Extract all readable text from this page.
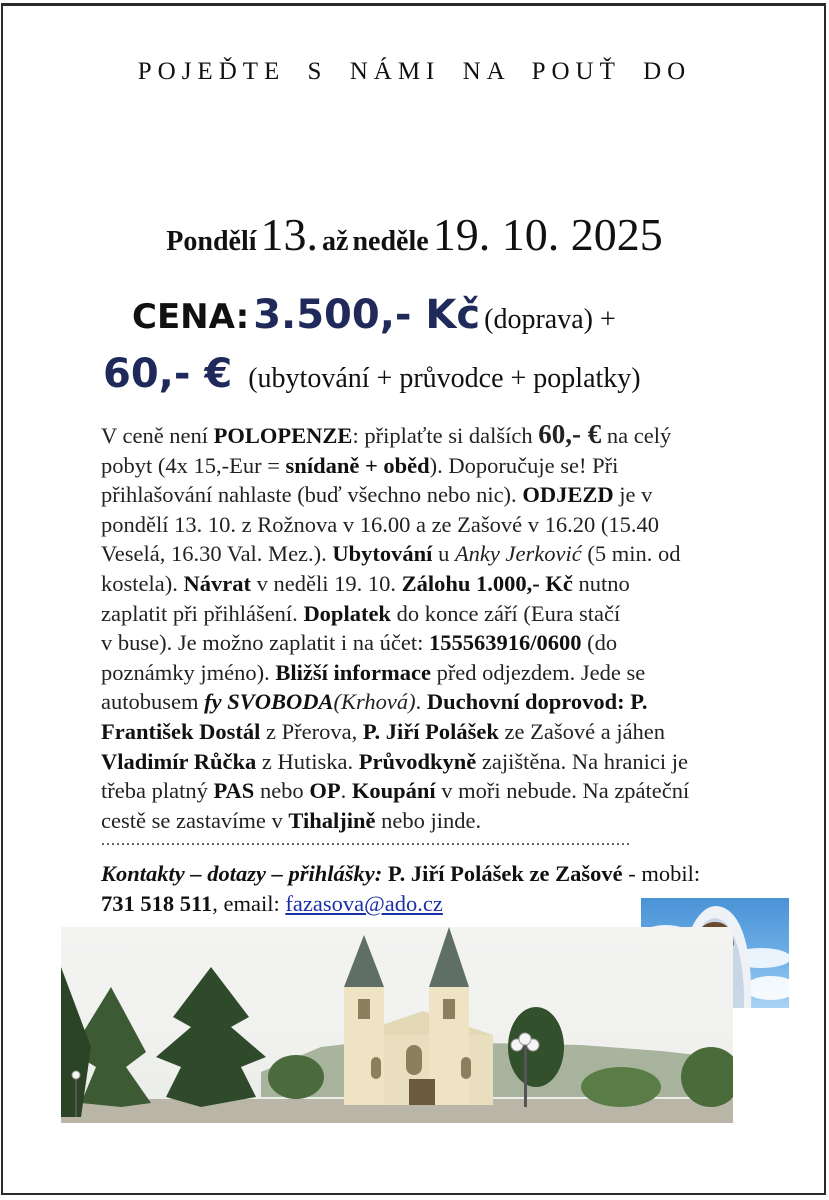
POJEĎTE S NÁMI NA POUŤ DO
Pondělí 13. až neděle 19. 10. 2025
CENA: 3.500,- Kč (doprava) +
60,- € (ubytování + průvodce + poplatky)
V ceně není POLOPENZE: připlaťte si dalších 60,- € na celý
pobyt (4x 15,-Eur = snídaně + oběd). Doporučuje se! Při
přihlašování nahlaste (buď všechno nebo nic). ODJEZD je v
pondělí 13. 10. z Rožnova v 16.00 a ze Zašové v 16.20 (15.40
Veselá, 16.30 Val. Mez.). Ubytování u Anky Jerković (5 min. od
kostela). Návrat v neděli 19. 10. Zálohu 1.000,- Kč nutno
zaplatit při přihlášení. Doplatek do konce září (Eura stačí
v buse). Je možno zaplatit i na účet: 155563916/0600 (do
poznámky jméno). Bližší informace před odjezdem. Jede se
autobusem fy SVOBODA(Krhová). Duchovní doprovod: P.
František Dostál z Přerova, P. Jiří Polášek ze Zašové a jáhen
Vladimír Růčka z Hutiska. Průvodkyně zajištěna. Na hranici je
třeba platný PAS nebo OP. Koupání v moři nebude. Na zpáteční
cestě se zastavíme v Tihaljině nebo jinde.
..........................................................................................................
Kontakty – dotazy – přihlášky: P. Jiří Polášek ze Zašové - mobil:
731 518 511, email: fazasova@ado.cz
